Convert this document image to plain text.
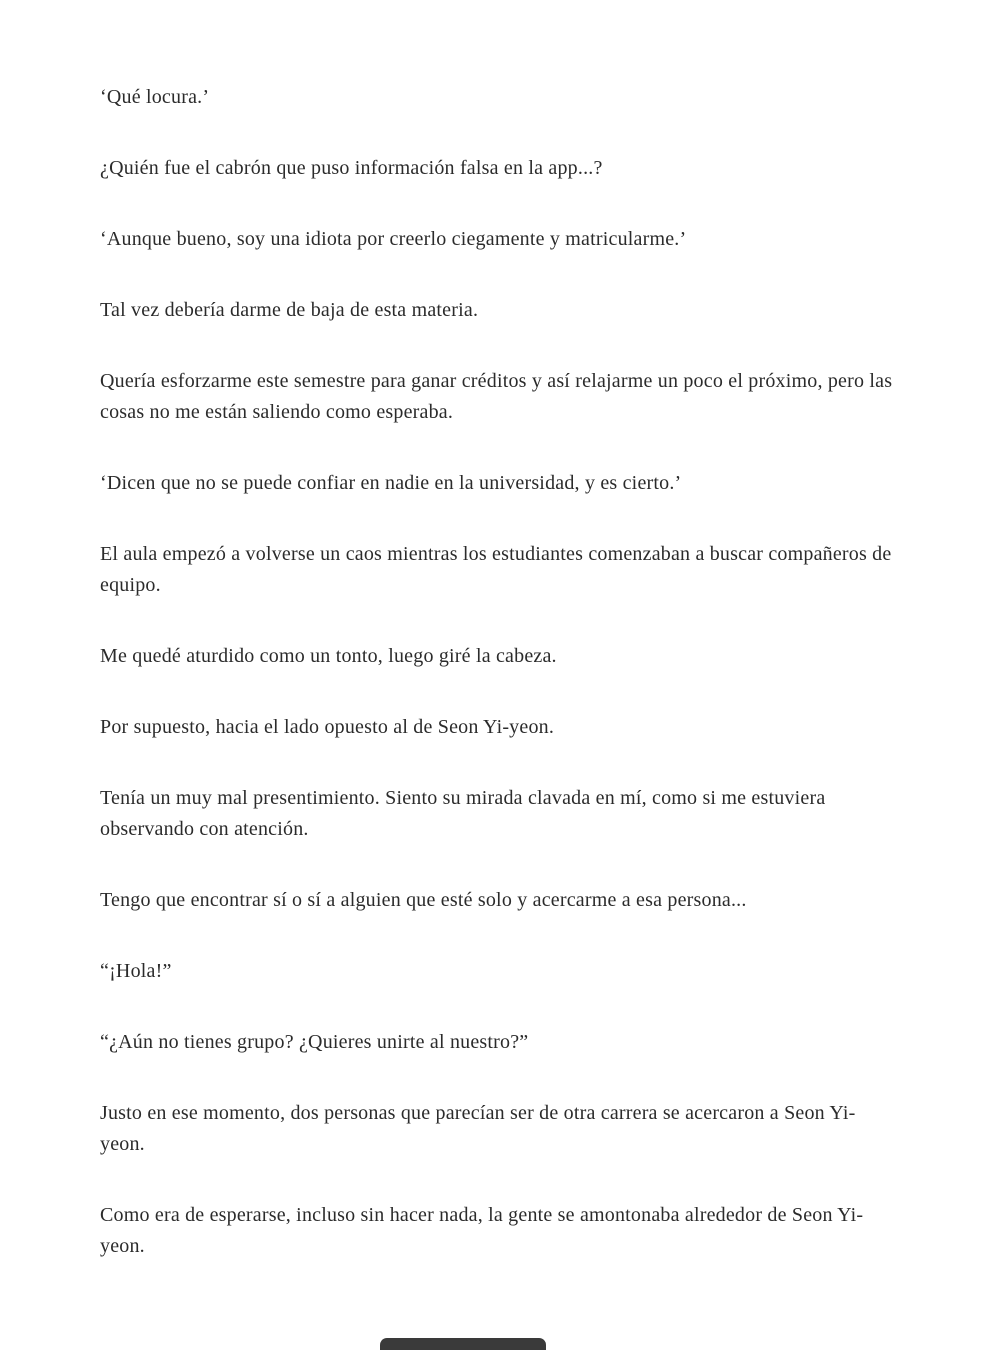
‘Qué locura.’

¿Quién fue el cabrón que puso información falsa en la app...?

‘Aunque bueno, soy una idiota por creerlo ciegamente y matricularme.’

Tal vez debería darme de baja de esta materia.

Quería esforzarme este semestre para ganar créditos y así relajarme un poco el próximo, pero las cosas no me están saliendo como esperaba.

‘Dicen que no se puede confiar en nadie en la universidad, y es cierto.’

El aula empezó a volverse un caos mientras los estudiantes comenzaban a buscar compañeros de equipo.

Me quedé aturdido como un tonto, luego giré la cabeza.

Por supuesto, hacia el lado opuesto al de Seon Yi-yeon.

Tenía un muy mal presentimiento. Siento su mirada clavada en mí, como si me estuviera observando con atención.

Tengo que encontrar sí o sí a alguien que esté solo y acercarme a esa persona...

“¡Hola!”

“¿Aún no tienes grupo? ¿Quieres unirte al nuestro?”

Justo en ese momento, dos personas que parecían ser de otra carrera se acercaron a Seon Yi-yeon.

Como era de esperarse, incluso sin hacer nada, la gente se amontonaba alrededor de Seon Yi-yeon.
